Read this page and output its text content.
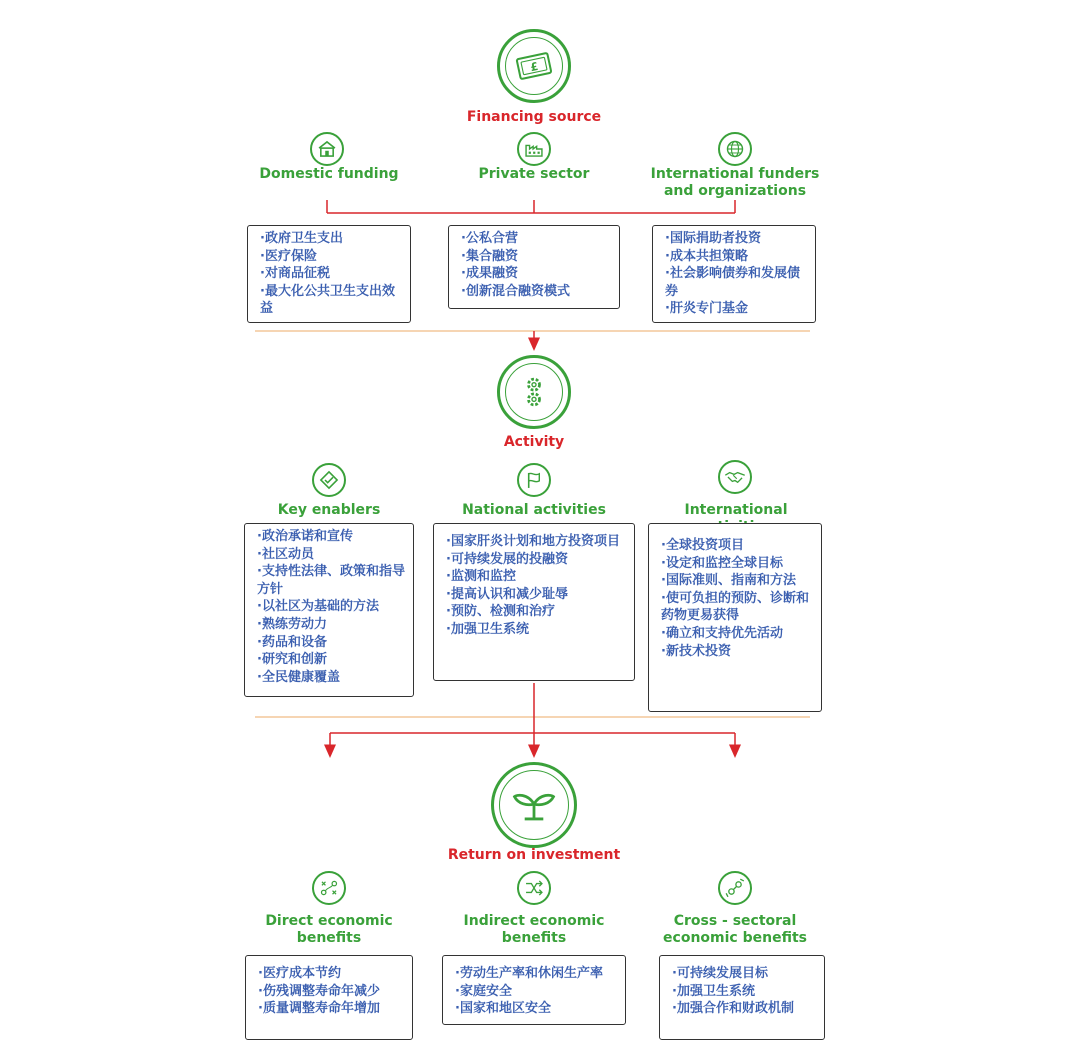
£
Financing source
Domestic funding	Private sector	International funders and organizations
·政府卫生支出
·医疗保险
·对商品征税
·最大化公共卫生支出效益
·公私合营
·集合融资
·成果融资
·创新混合融资模式
·国际捐助者投资
·成本共担策略
·社会影响债券和发展债券
·肝炎专门基金
Activity
Key enablers	National activities	International
·政治承诺和宣传
·社区动员
·支持性法律、政策和指导方针
·以社区为基础的方法
·熟练劳动力
·药品和设备
·研究和创新
·全民健康覆盖
·国家肝炎计划和地方投资项目
·可持续发展的投融资
·监测和监控
·提高认识和减少耻辱
·预防、检测和治疗
·加强卫生系统
·全球投资项目
·设定和监控全球目标
·国际准则、指南和方法
·使可负担的预防、诊断和药物更易获得
·确立和支持优先活动
·新技术投资
Return on investment
Direct economic benefits
Indirect economic benefits
Cross - sectoral economic benefits
·医疗成本节约
·伤残调整寿命年减少
·质量调整寿命年增加
·劳动生产率和休闲生产率
·家庭安全
·国家和地区安全
·可持续发展目标
·加强卫生系统
·加强合作和财政机制
